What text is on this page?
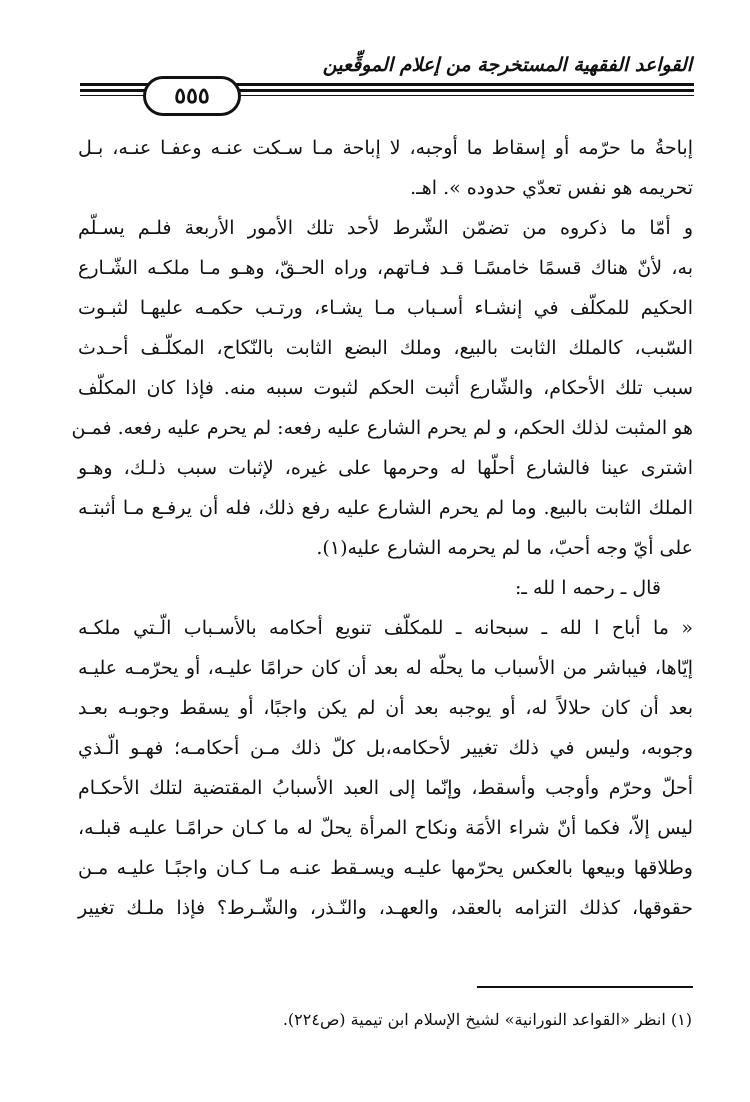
القواعد الفقهية المستخرجة من إعلام الموقِّعين
٥٥٥
إباحةُ ما حرّمه أو إسقاط ما أوجبه، لا إباحة مـا سـكت عنـه وعفـا عنـه، بـل
تحريمه هو نفس تعدّي حدوده ». اهـ.
و أمّا ما ذكروه من تضمّن الشّرط لأحد تلك الأمور الأربعة فلـم يسـلّم
به، لأنّ هناك قسمًا خامسًـا قـد فـاتهم، وراه الحـقّ، وهـو مـا ملكـه الشّـارع
الحكيم للمكلّف في إنشـاء أسـباب مـا يشـاء، ورتـب حكمـه عليهـا لثبـوت
السّبب، كالملك الثابت بالبيع، وملك البضع الثابت بالنّكاح، المكلّـف أحـدث
سبب تلك الأحكام، والشّارع أثبت الحكم لثبوت سببه منه. فإذا كان المكلّف
هو المثبت لذلك الحكم، و لم يحرم الشارع عليه رفعه: لم يحرم عليه رفعه. فمـن
اشترى عينا فالشارع أحلّها له وحرمها على غيره، لإثبات سبب ذلـك، وهـو
الملك الثابت بالبيع. وما لم يحرم الشارع عليه رفع ذلك، فله أن يرفـع مـا أثبتـه
على أيّ وجه أحبّ، ما لم يحرمه الشارع عليه(١).
قال ـ رحمه ا لله ـ:
« ما أباح ا لله ـ سبحانه ـ للمكلّف تنويع أحكامه بالأسـباب الّـتي ملكـه
إيّاها، فيباشر من الأسباب ما يحلّه له بعد أن كان حرامًا عليـه، أو يحرّمـه عليـه
بعد أن كان حلالاً له، أو يوجبه بعد أن لم يكن واجبًا، أو يسقط وجوبـه بعـد
وجوبه، وليس في ذلك تغيير لأحكامه،بل كلّ ذلك مـن أحكامـه؛ فهـو الّـذي
أحلّ وحرّم وأوجب وأسقط، وإنّما إلى العبد الأسبابُ المقتضية لتلك الأحكـام
ليس إلاّ، فكما أنّ شراء الأمَة ونكاح المرأة يحلّ له ما كـان حرامًـا عليـه قبلـه،
وطلاقها وبيعها بالعكس يحرّمها عليـه ويسـقط عنـه مـا كـان واجبًـا عليـه مـن
حقوقها، كذلك التزامه بالعقد، والعهـد، والنّـذر، والشّـرط؟ فإذا ملـك تغيير
(١) انظر «القواعد النورانية» لشيخ الإسلام ابن تيمية (ص٢٢٤).
